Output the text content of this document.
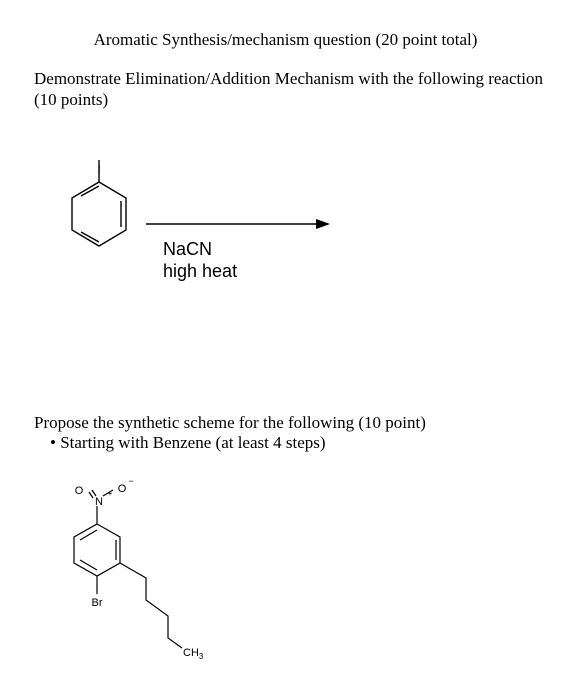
Aromatic Synthesis/mechanism question (20 point total)
Demonstrate Elimination/Addition Mechanism with the following reaction
(10 points)
I
O
N
+ O
−
Br
$CH_3$
NaCN
high heat
Propose the synthetic scheme for the following (10 point)
• Starting with Benzene (at least 4 steps)
